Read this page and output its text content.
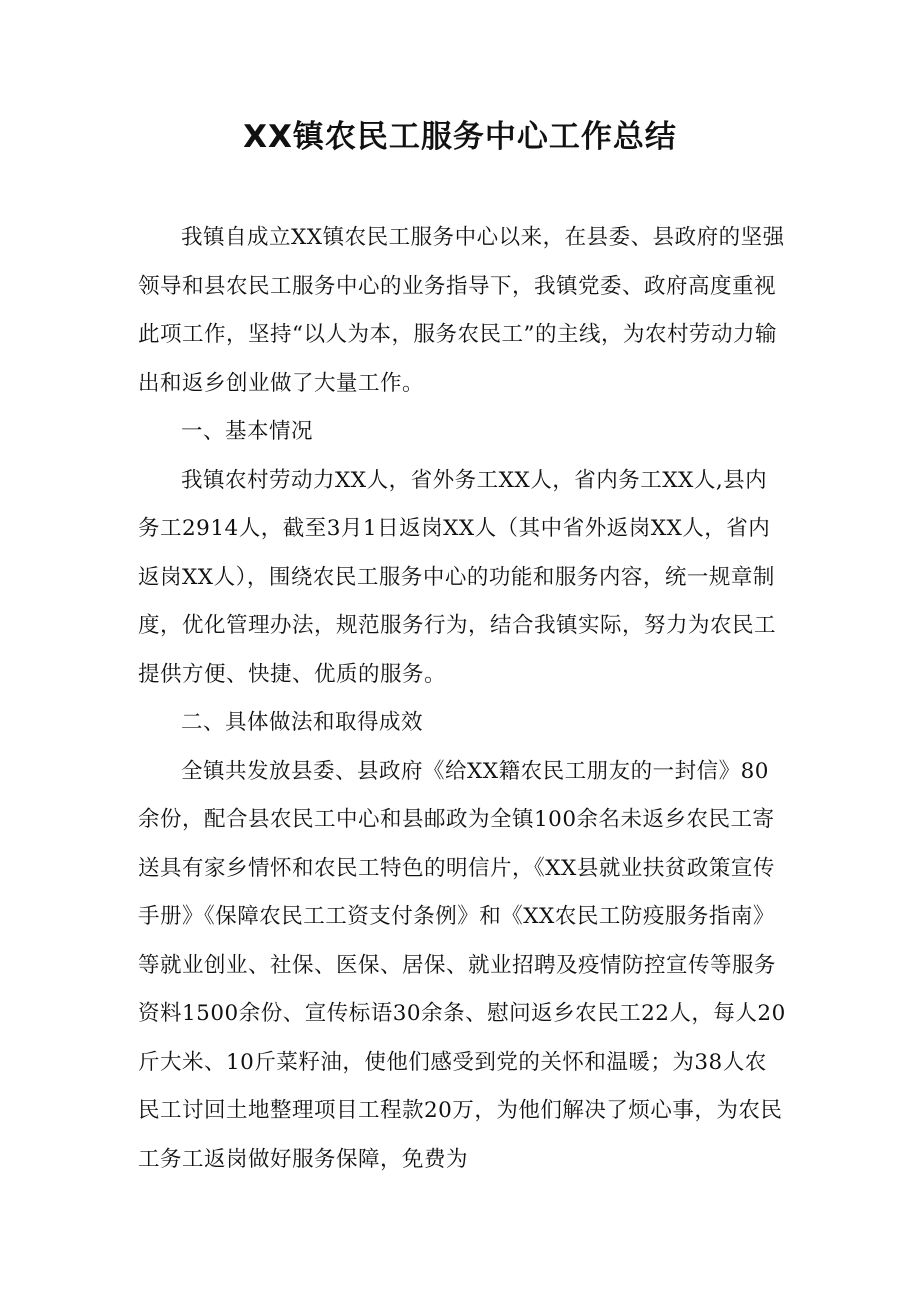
XX镇农民工服务中心工作总结

我镇自成立XX镇农民工服务中心以来，在县委、县政府的坚强领导和县农民工服务中心的业务指导下，我镇党委、政府高度重视此项工作，坚持“以人为本，服务农民工”的主线，为农村劳动力输出和返乡创业做了大量工作。

一、基本情况

我镇农村劳动力XX人，省外务工XX人，省内务工XX人,县内务工2914人，截至3月1日返岗XX人（其中省外返岗XX人，省内返岗XX人），围绕农民工服务中心的功能和服务内容，统一规章制度，优化管理办法，规范服务行为，结合我镇实际，努力为农民工提供方便、快捷、优质的服务。

二、具体做法和取得成效

全镇共发放县委、县政府《给XX籍农民工朋友的一封信》80余份，配合县农民工中心和县邮政为全镇100余名未返乡农民工寄送具有家乡情怀和农民工特色的明信片，《XX县就业扶贫政策宣传手册》《保障农民工工资支付条例》和《XX农民工防疫服务指南》等就业创业、社保、医保、居保、就业招聘及疫情防控宣传等服务资料1500余份、宣传标语30余条、慰问返乡农民工22人，每人20斤大米、10斤菜籽油，使他们感受到党的关怀和温暖；为38人农民工讨回土地整理项目工程款20万，为他们解决了烦心事，为农民工务工返岗做好服务保障，免费为
